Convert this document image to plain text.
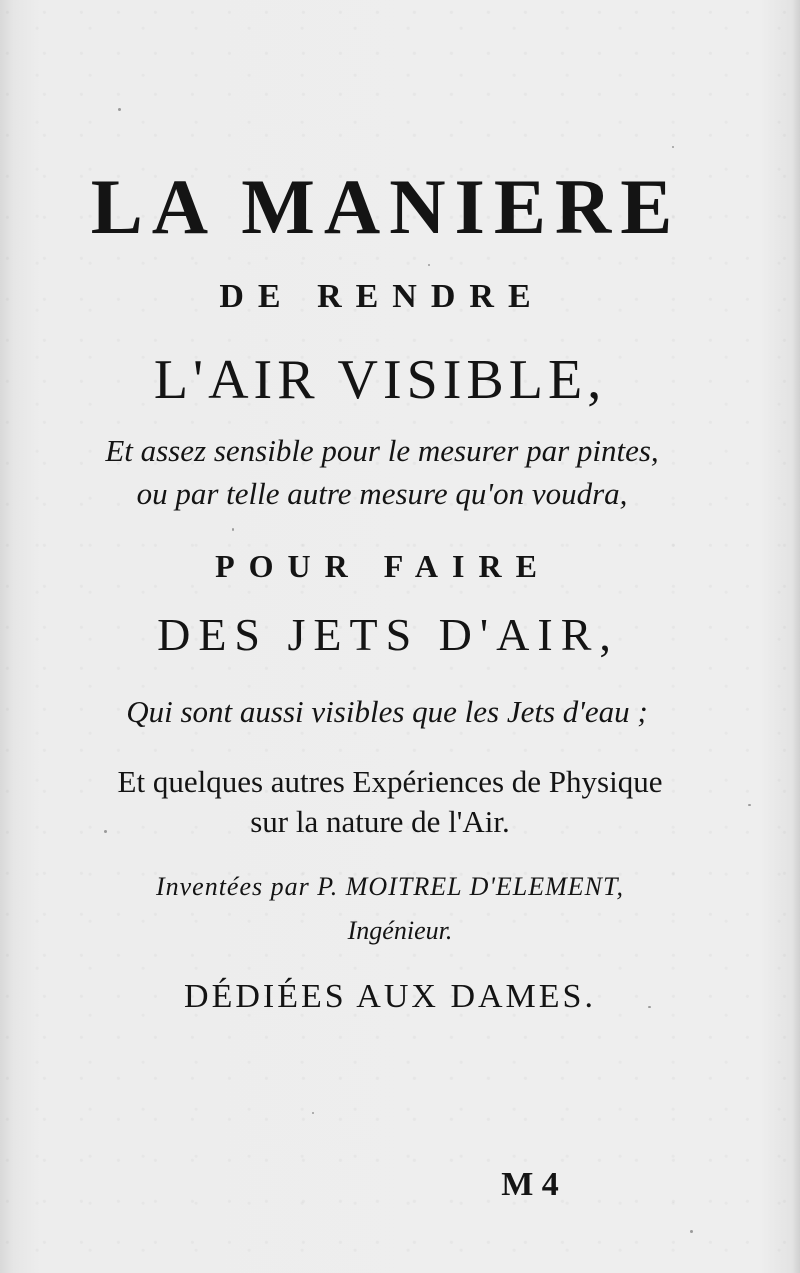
LA MANIERE
DE RENDRE
L'AIR VISIBLE,
Et assez sensible pour le mesurer par pintes,
ou par telle autre mesure qu'on voudra,
POUR FAIRE
DES JETS D'AIR,
Qui sont aussi visibles que les Jets d'eau ;
Et quelques autres Expériences de Physique
sur la nature de l'Air.
Inventées par P. MOITREL D'ELEMENT,
Ingénieur.
DÉDIÉES AUX DAMES.
M 4
